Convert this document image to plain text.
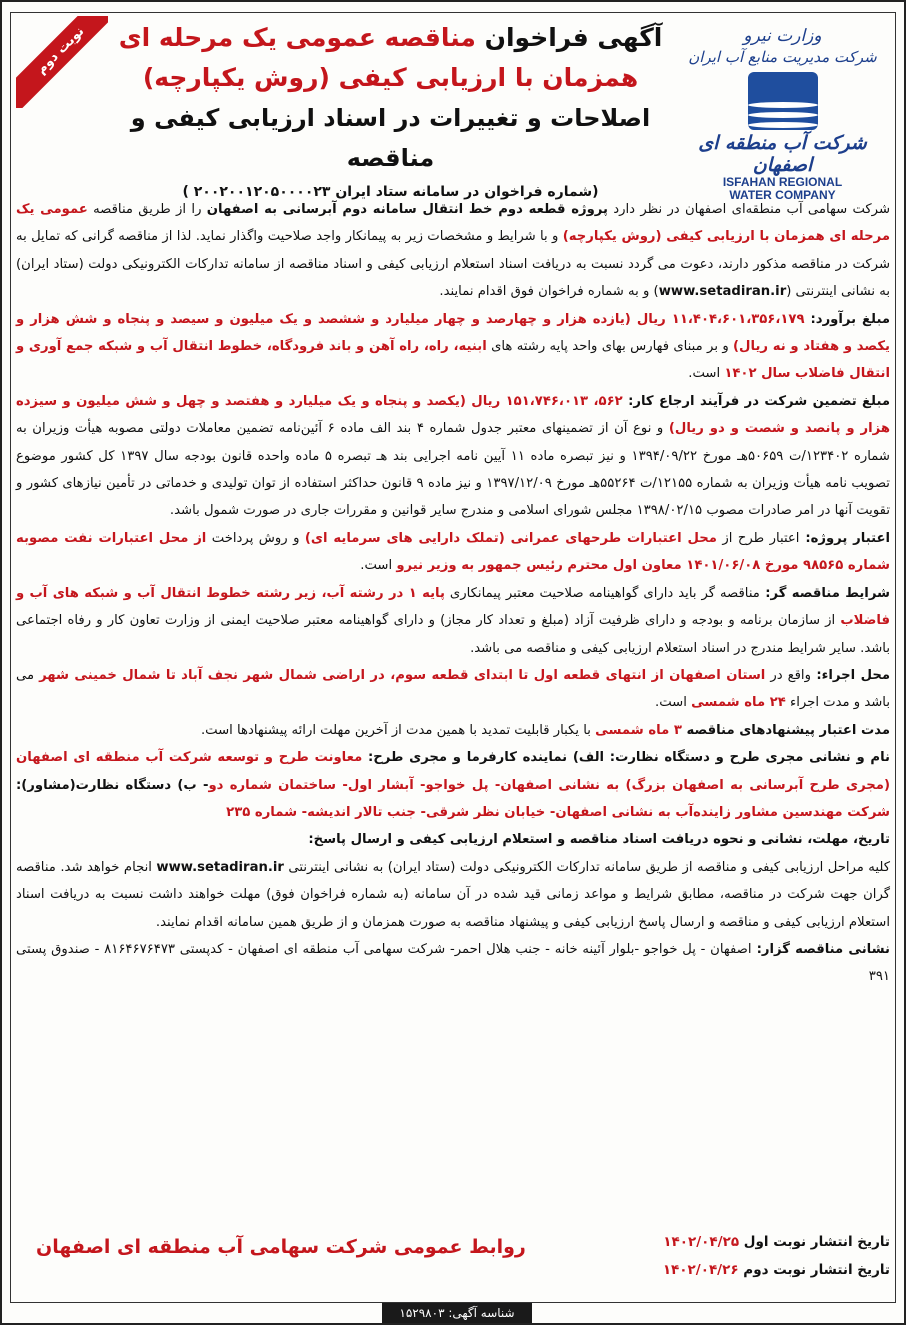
نوبت دوم	آگهی فراخوان مناقصه عمومی یک مرحله ای
همزمان با ارزیابی کیفی (روش یکپارچه)
اصلاحات و تغییرات در اسناد ارزیابی کیفی و مناقصه
(شماره فراخوان در سامانه ستاد ایران ۲۰۰۲۰۰۱۲۰۵۰۰۰۰۲۳ )
وزارت نیرو
شرکت مدیریت منابع آب ایران
شرکت آب منطقه ای اصفهان
ISFAHAN REGIONAL
WATER COMPANY

شرکت سهامی آب منطقه‌ای اصفهان در نظر دارد پروژه قطعه دوم خط انتقال سامانه دوم آبرسانی به اصفهان را از طریق مناقصه عمومی یک مرحله ای همزمان با ارزیابی کیفی (روش یکپارچه) و با شرایط و مشخصات زیر به پیمانکار واجد صلاحیت واگذار نماید. لذا از مناقصه گرانی که تمایل به شرکت در مناقصه مذکور دارند، دعوت می گردد نسبت به دریافت اسناد استعلام ارزیابی کیفی و اسناد مناقصه از سامانه تدارکات الکترونیکی دولت (ستاد ایران) به نشانی اینترنتی (www.setadiran.ir) و به شماره فراخوان فوق اقدام نمایند.

مبلغ برآورد: ۱۱،۴۰۴،۶۰۱،۳۵۶،۱۷۹ ریال (یازده هزار و چهارصد و چهار میلیارد و ششصد و یک میلیون و سیصد و پنجاه و شش هزار و یکصد و هفتاد و نه ریال) و بر مبنای فهارس بهای واحد پایه رشته های ابنیه، راه، راه آهن و باند فرودگاه، خطوط انتقال آب و شبکه جمع آوری و انتقال فاضلاب سال ۱۴۰۲ است.

مبلغ تضمین شرکت در فرآیند ارجاع کار: ۵۶۲، ۱۵۱،۷۴۶،۰۱۳ ریال (یکصد و پنجاه و یک میلیارد و هفتصد و چهل و شش میلیون و سیزده هزار و پانصد و شصت و دو ریال) و نوع آن از تضمینهای معتبر جدول شماره ۴ بند الف ماده ۶ آئین‌نامه تضمین معاملات دولتی مصوبه هیأت وزیران به شماره ۱۲۳۴۰۲/ت ۵۰۶۵۹هـ مورخ ۱۳۹۴/۰۹/۲۲ و نیز تبصره ماده ۱۱ آیین نامه اجرایی بند هـ تبصره ۵ ماده واحده قانون بودجه سال ۱۳۹۷ کل کشور موضوع تصویب نامه هیأت وزیران به شماره ۱۲۱۵۵/ت ۵۵۲۶۴هـ مورخ ۱۳۹۷/۱۲/۰۹ و نیز ماده ۹ قانون حداکثر استفاده از توان تولیدی و خدماتی در تأمین نیازهای کشور و تقویت آنها در امر صادرات مصوب ۱۳۹۸/۰۲/۱۵ مجلس شورای اسلامی و مندرج سایر قوانین و مقررات جاری در صورت شمول باشد.

اعتبار پروژه: اعتبار طرح از محل اعتبارات طرحهای عمرانی (تملک دارایی های سرمایه ای) و روش پرداخت از محل اعتبارات نفت مصوبه شماره ۹۸۵۶۵ مورخ ۱۴۰۱/۰۶/۰۸ معاون اول محترم رئیس جمهور به وزیر نیرو است.

شرایط مناقصه گر: مناقصه گر باید دارای گواهینامه صلاحیت معتبر پیمانکاری پایه ۱ در رشته آب، زیر رشته خطوط انتقال آب و شبکه های آب و فاضلاب از سازمان برنامه و بودجه و دارای ظرفیت آزاد (مبلغ و تعداد کار مجاز) و دارای گواهینامه معتبر صلاحیت ایمنی از وزارت تعاون کار و رفاه اجتماعی باشد. سایر شرایط مندرج در اسناد استعلام ارزیابی کیفی و مناقصه می باشد.

محل اجراء: واقع در استان اصفهان از انتهای قطعه اول تا ابتدای قطعه سوم، در اراضی شمال شهر نجف آباد تا شمال خمینی شهر می باشد و مدت اجراء ۲۴ ماه شمسی است.

مدت اعتبار پیشنهادهای مناقصه ۳ ماه شمسی با یکبار قابلیت تمدید با همین مدت از آخرین مهلت ارائه پیشنهادها است.

نام و نشانی مجری طرح و دستگاه نظارت: الف) نماینده کارفرما و مجری طرح: معاونت طرح و توسعه شرکت آب منطقه ای اصفهان (مجری طرح آبرسانی به اصفهان بزرگ) به نشانی اصفهان- پل خواجو- آبشار اول- ساختمان شماره دو- ب) دستگاه نظارت(مشاور): شرکت مهندسین مشاور زاینده‌آب به نشانی اصفهان- خیابان نظر شرقی- جنب تالار اندیشه- شماره ۲۳۵

تاریخ، مهلت، نشانی و نحوه دریافت اسناد مناقصه و استعلام ارزیابی کیفی و ارسال پاسخ:

کلیه مراحل ارزیابی کیفی و مناقصه از طریق سامانه تدارکات الکترونیکی دولت (ستاد ایران) به نشانی اینترنتی www.setadiran.ir انجام خواهد شد. مناقصه گران جهت شرکت در مناقصه، مطابق شرایط و مواعد زمانی قید شده در آن سامانه (به شماره فراخوان فوق) مهلت خواهند داشت نسبت به دریافت اسناد استعلام ارزیابی کیفی و مناقصه و ارسال پاسخ ارزیابی کیفی و پیشنهاد مناقصه به صورت همزمان و از طریق همین سامانه اقدام نمایند.

نشانی مناقصه گزار: اصفهان - پل خواجو -بلوار آئینه خانه - جنب هلال احمر- شرکت سهامی آب منطقه ای اصفهان - کدپستی ۸۱۶۴۶۷۶۴۷۳ - صندوق پستی ۳۹۱

تاریخ انتشار نوبت اول ۱۴۰۲/۰۴/۲۵
تاریخ انتشار نوبت دوم ۱۴۰۲/۰۴/۲۶
روابط عمومی شرکت سهامی آب منطقه ای اصفهان
شناسه آگهی: ۱۵۲۹۸۰۳
